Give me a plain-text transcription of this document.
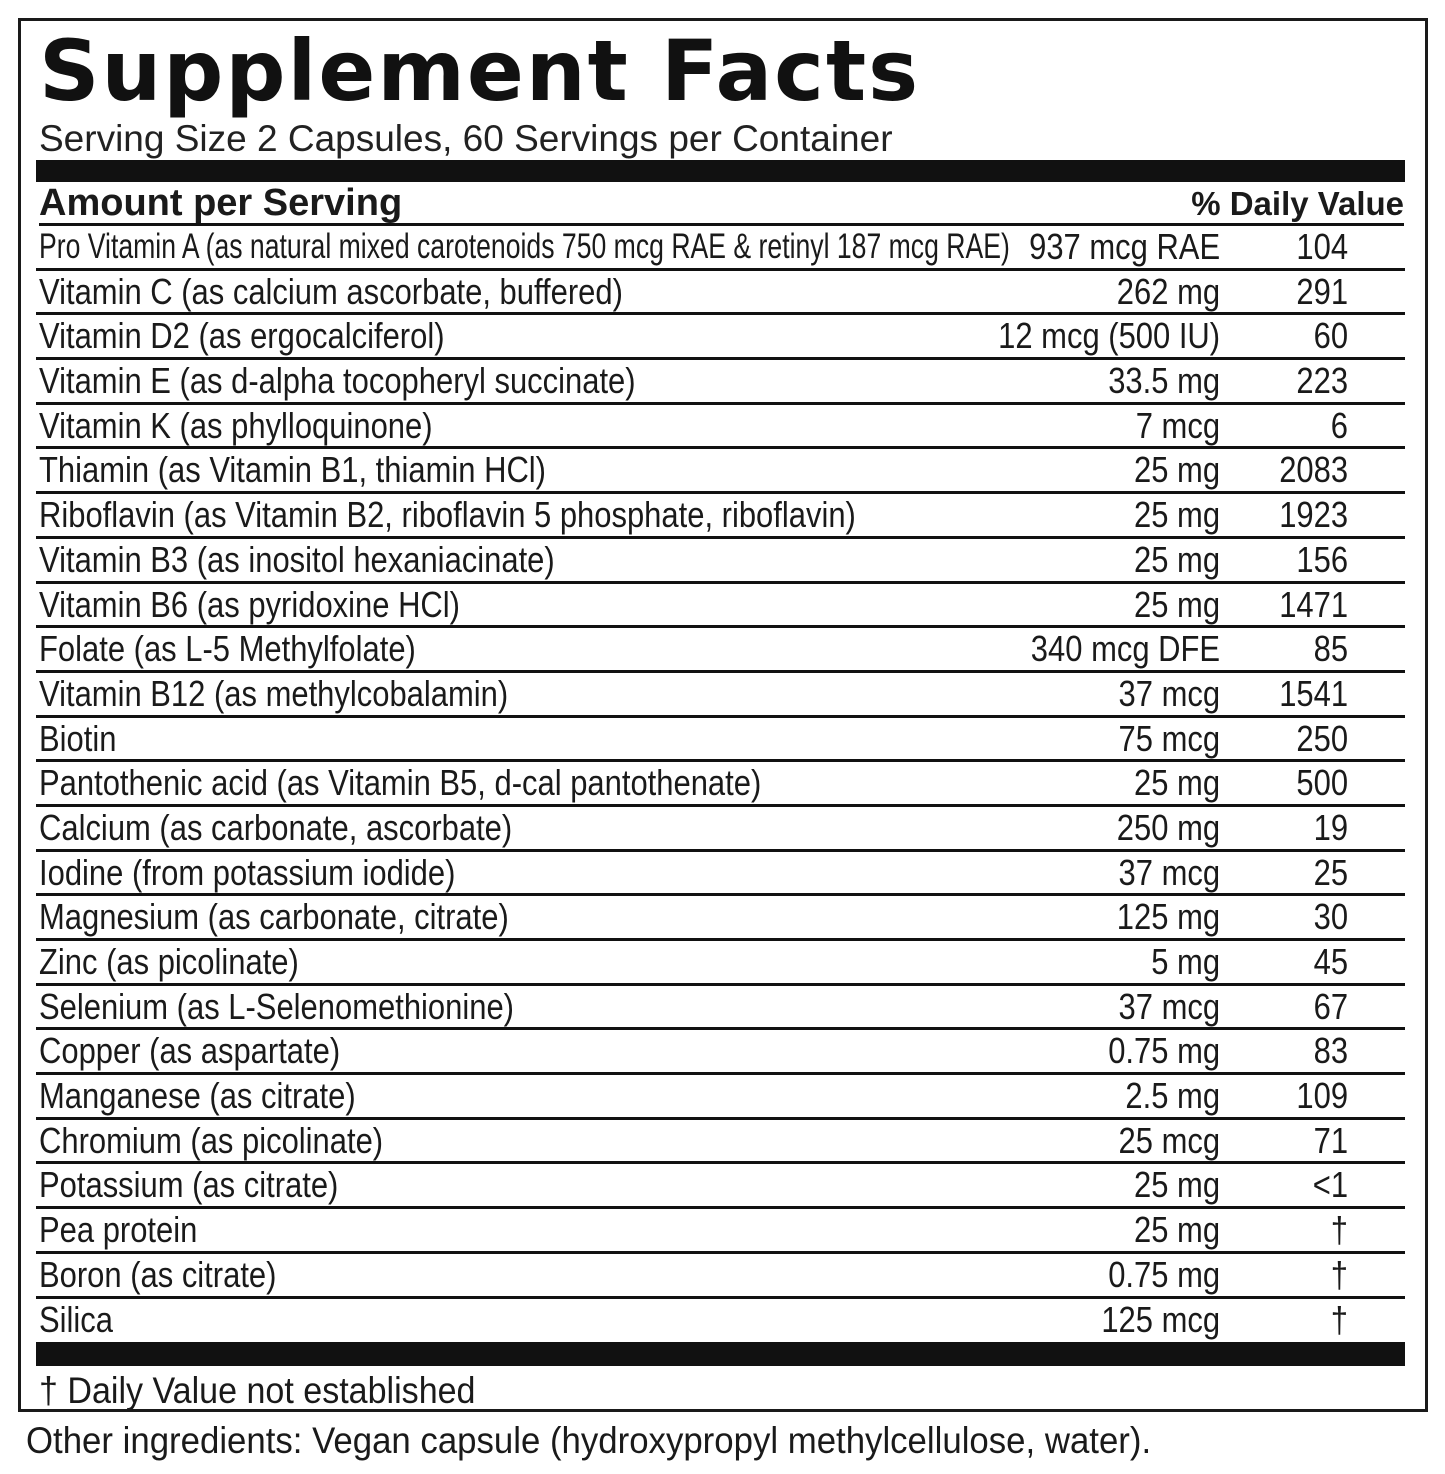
Supplement Facts
Serving Size 2 Capsules, 60 Servings per Container
Amount per Serving	% Daily Value
Pro Vitamin A (as natural mixed carotenoids 750 mcg RAE & retinyl 187 mcg RAE) 937 mcg RAE 104
Vitamin C (as calcium ascorbate, buffered)	262 mg 291
Vitamin D2 (as ergocalciferol)	12 mcg (500 IU)	60
Vitamin E (as d-alpha tocopheryl succinate)	33.5 mg 223
Vitamin K (as phylloquinone)	7 mcg	6
Thiamin (as Vitamin B1, thiamin HCl)	25 mg 2083
Riboflavin (as Vitamin B2, riboflavin 5 phosphate, riboflavin)	25 mg 1923
Vitamin B3 (as inositol hexaniacinate)	25 mg 156
Vitamin B6 (as pyridoxine HCl)	25 mg 1471
Folate (as L-5 Methylfolate)	340 mcg DFE	85
Vitamin B12 (as methylcobalamin)	37 mcg 1541
Biotin	75 mcg 250
Pantothenic acid (as Vitamin B5, d-cal pantothenate)	25 mg 500
Calcium (as carbonate, ascorbate)	250 mg	19
Iodine (from potassium iodide)	37 mcg	25
Magnesium (as carbonate, citrate)	125 mg	30
Zinc (as picolinate)	5 mg	45
Selenium (as L-Selenomethionine)	37 mcg	67
Copper (as aspartate)	0.75 mg	83
Manganese (as citrate)	2.5 mg 109
Chromium (as picolinate)	25 mcg	71
Potassium (as citrate)	25 mg	<1
Pea protein	25 mg	†
Boron (as citrate)	0.75 mg	†
Silica	125 mcg	†
† Daily Value not established
Other ingredients: Vegan capsule (hydroxypropyl methylcellulose, water).
